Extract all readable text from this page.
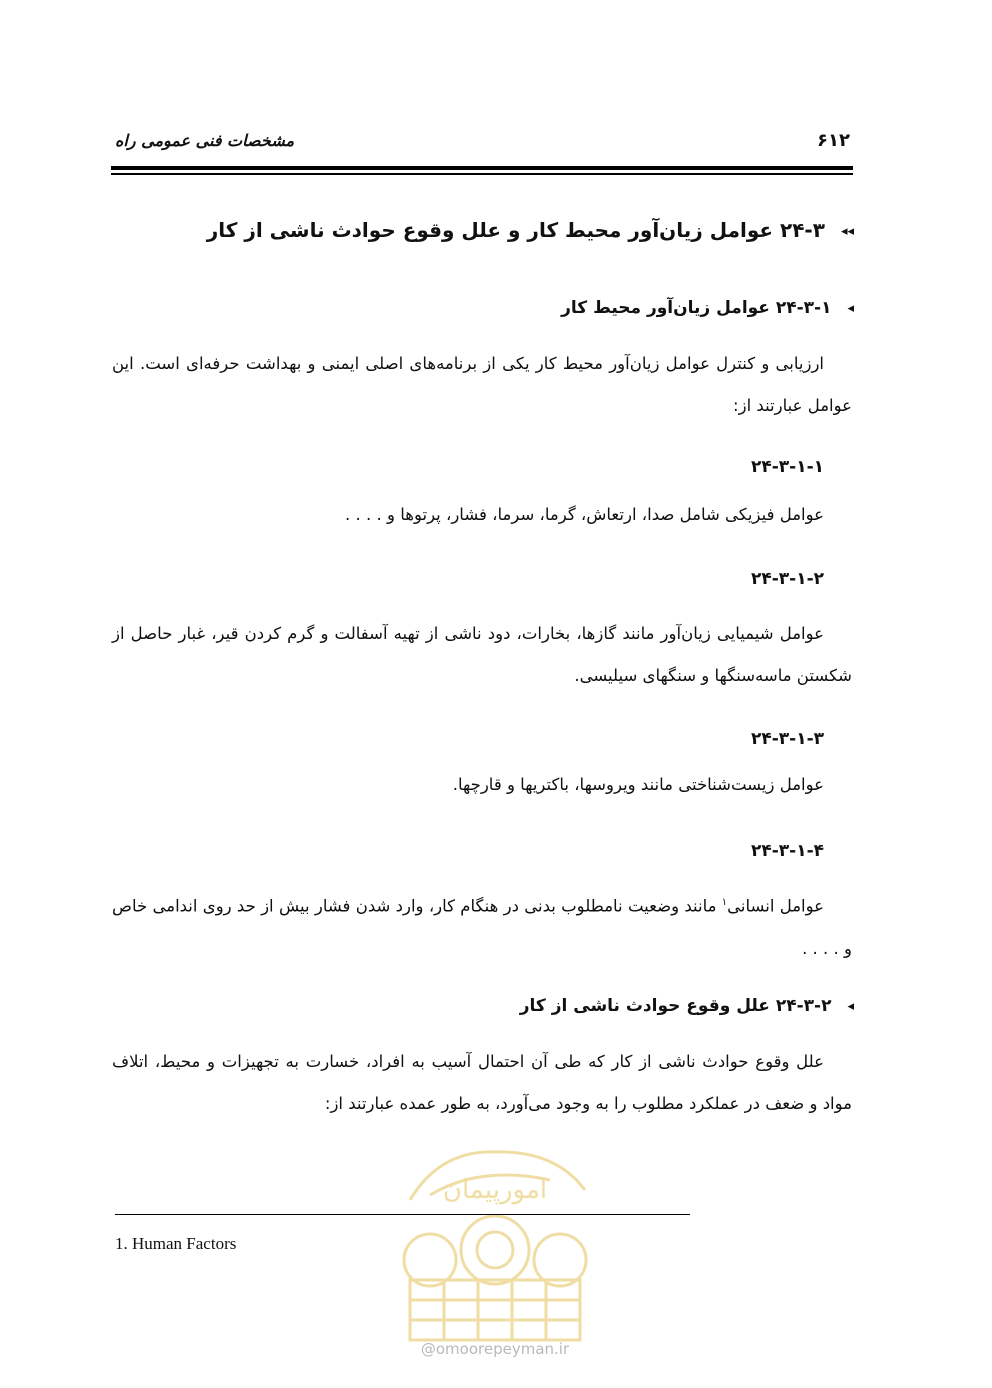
مشخصات فنی عمومی راه	۶۱۲
◂◂۲۴-۳ عوامل زیان‌آور محیط کار و علل وقوع حوادث ناشی از کار
◂۲۴-۳-۱ عوامل زیان‌آور محیط کار
ارزیابی و کنترل عوامل زیان‌آور محیط کار یکی از برنامه‌های اصلی ایمنی و بهداشت حرفه‌ای است. این عوامل عبارتند از:
۲۴-۳-۱-۱
عوامل فیزیکی شامل صدا، ارتعاش، گرما، سرما، فشار، پرتوها و . . . .
۲۴-۳-۱-۲
عوامل شیمیایی زیان‌آور مانند گازها، بخارات، دود ناشی از تهیه آسفالت و گرم کردن قیر، غبار حاصل از شکستن ماسه‌سنگها و سنگهای سیلیسی.
۲۴-۳-۱-۳
عوامل زیست‌شناختی مانند ویروسها، باکتریها و قارچها.
۲۴-۳-۱-۴
عوامل انسانی$^۱$ مانند وضعیت نامطلوب بدنی در هنگام کار، وارد شدن فشار بیش از حد روی اندامی خاص و . . . .
◂۲۴-۳-۲ علل وقوع حوادث ناشی از کار
علل وقوع حوادث ناشی از کار که طی آن احتمال آسیب به افراد، خسارت به تجهیزات و محیط، اتلاف مواد و ضعف در عملکرد مطلوب را به وجود می‌آورد، به طور عمده عبارتند از:
امورپیمان
@omoorepeyman.ir
1. Human Factors
